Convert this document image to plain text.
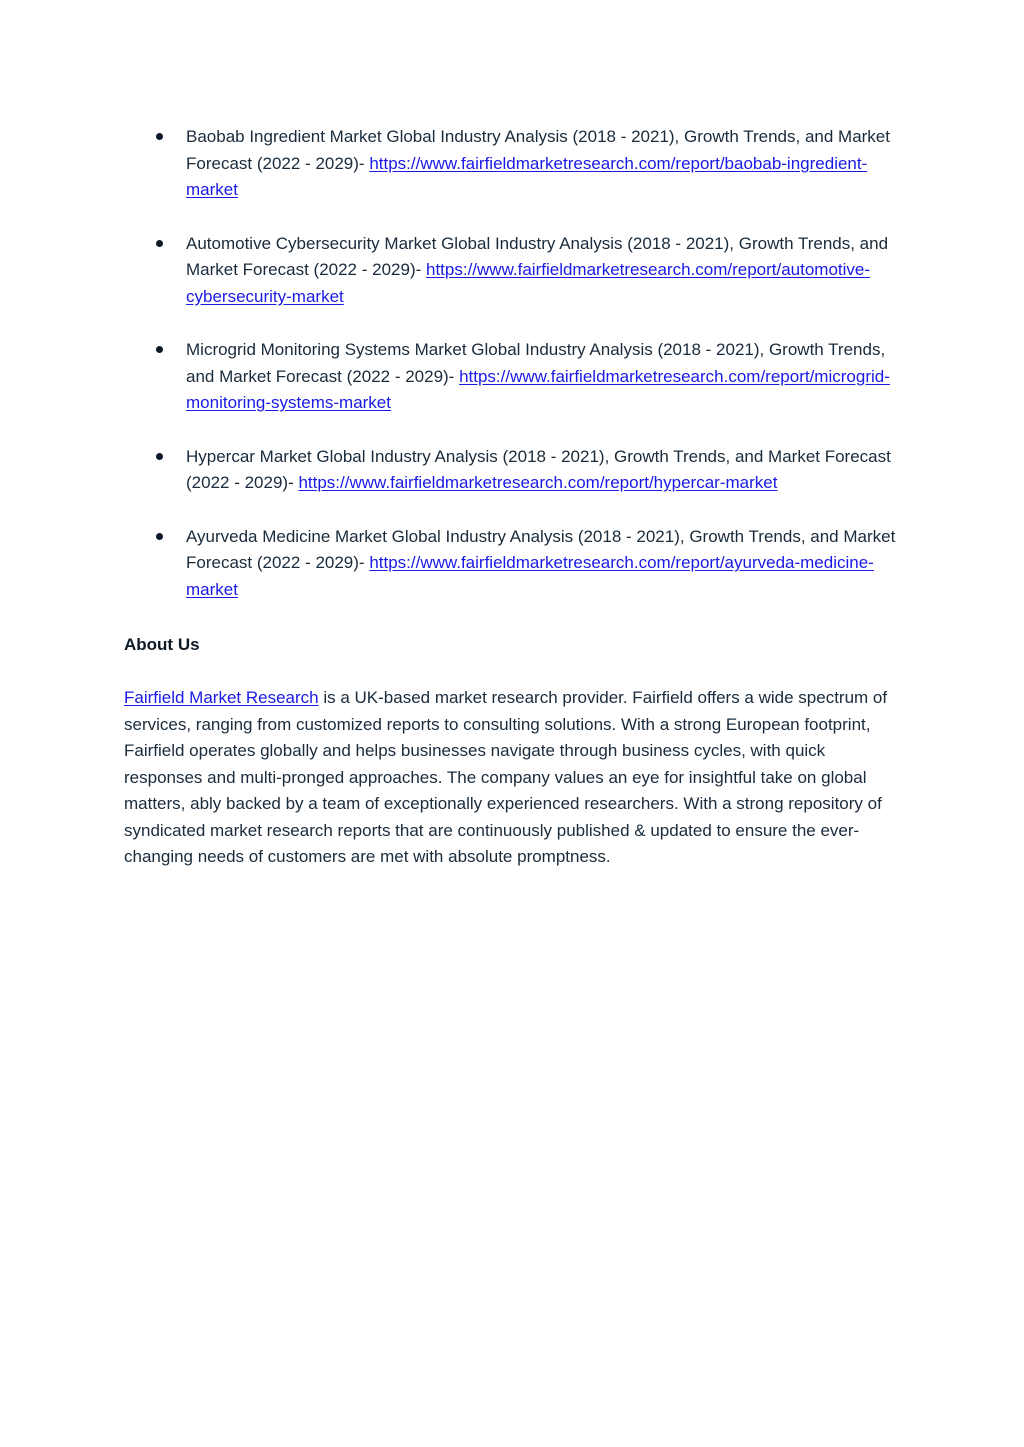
Baobab Ingredient Market Global Industry Analysis (2018 - 2021), Growth Trends, and Market Forecast (2022 - 2029)- https://www.fairfieldmarketresearch.com/report/baobab-ingredient-market
Automotive Cybersecurity Market Global Industry Analysis (2018 - 2021), Growth Trends, and Market Forecast (2022 - 2029)- https://www.fairfieldmarketresearch.com/report/automotive-cybersecurity-market
Microgrid Monitoring Systems Market Global Industry Analysis (2018 - 2021), Growth Trends, and Market Forecast (2022 - 2029)- https://www.fairfieldmarketresearch.com/report/microgrid-monitoring-systems-market
Hypercar Market Global Industry Analysis (2018 - 2021), Growth Trends, and Market Forecast (2022 - 2029)- https://www.fairfieldmarketresearch.com/report/hypercar-market
Ayurveda Medicine Market Global Industry Analysis (2018 - 2021), Growth Trends, and Market Forecast (2022 - 2029)- https://www.fairfieldmarketresearch.com/report/ayurveda-medicine-market
About Us

Fairfield Market Research is a UK-based market research provider. Fairfield offers a wide spectrum of services, ranging from customized reports to consulting solutions. With a strong European footprint, Fairfield operates globally and helps businesses navigate through business cycles, with quick responses and multi-pronged approaches. The company values an eye for insightful take on global matters, ably backed by a team of exceptionally experienced researchers. With a strong repository of syndicated market research reports that are continuously published & updated to ensure the ever-changing needs of customers are met with absolute promptness.
